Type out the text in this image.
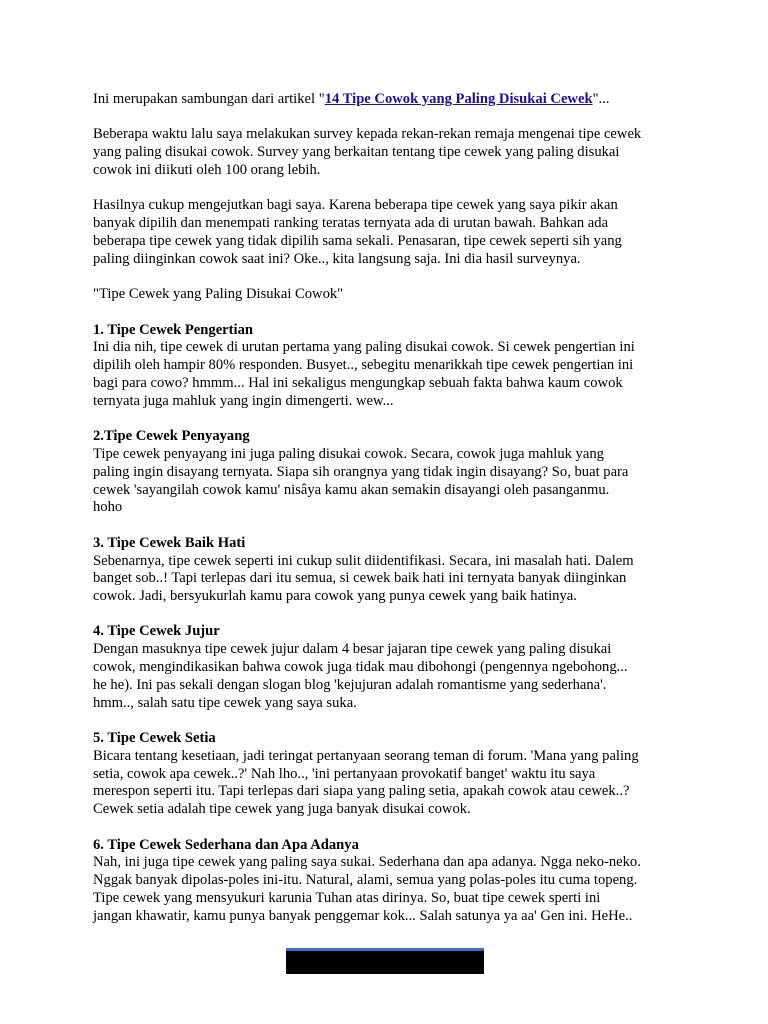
Ini merupakan sambungan dari artikel "14 Tipe Cowok yang Paling Disukai Cewek"...

Beberapa waktu lalu saya melakukan survey kepada rekan-rekan remaja mengenai tipe cewek
yang paling disukai cowok. Survey yang berkaitan tentang tipe cewek yang paling disukai
cowok ini diikuti oleh 100 orang lebih.

Hasilnya cukup mengejutkan bagi saya. Karena beberapa tipe cewek yang saya pikir akan
banyak dipilih dan menempati ranking teratas ternyata ada di urutan bawah. Bahkan ada
beberapa tipe cewek yang tidak dipilih sama sekali. Penasaran, tipe cewek seperti sih yang
paling diinginkan cowok saat ini? Oke.., kita langsung saja. Ini dia hasil surveynya.

"Tipe Cewek yang Paling Disukai Cowok"

1. Tipe Cewek Pengertian
Ini dia nih, tipe cewek di urutan pertama yang paling disukai cowok. Si cewek pengertian ini
dipilih oleh hampir 80% responden. Busyet.., sebegitu menarikkah tipe cewek pengertian ini
bagi para cowo? hmmm... Hal ini sekaligus mengungkap sebuah fakta bahwa kaum cowok
ternyata juga mahluk yang ingin dimengerti. wew...

2.Tipe Cewek Penyayang
Tipe cewek penyayang ini juga paling disukai cowok. Secara, cowok juga mahluk yang
paling ingin disayang ternyata. Siapa sih orangnya yang tidak ingin disayang? So, buat para
cewek 'sayangilah cowok kamu' nisâya kamu akan semakin disayangi oleh pasanganmu.
hoho

3. Tipe Cewek Baik Hati
Sebenarnya, tipe cewek seperti ini cukup sulit diidentifikasi. Secara, ini masalah hati. Dalem
banget sob..! Tapi terlepas dari itu semua, si cewek baik hati ini ternyata banyak diinginkan
cowok. Jadi, bersyukurlah kamu para cowok yang punya cewek yang baik hatinya.

4. Tipe Cewek Jujur
Dengan masuknya tipe cewek jujur dalam 4 besar jajaran tipe cewek yang paling disukai
cowok, mengindikasikan bahwa cowok juga tidak mau dibohongi (pengennya ngebohong...
he he). Ini pas sekali dengan slogan blog 'kejujuran adalah romantisme yang sederhana'.
hmm.., salah satu tipe cewek yang saya suka.

5. Tipe Cewek Setia
Bicara tentang kesetiaan, jadi teringat pertanyaan seorang teman di forum. 'Mana yang paling
setia, cowok apa cewek..?' Nah lho.., 'ini pertanyaan provokatif banget' waktu itu saya
merespon seperti itu. Tapi terlepas dari siapa yang paling setia, apakah cowok atau cewek..?
Cewek setia adalah tipe cewek yang juga banyak disukai cowok.

6. Tipe Cewek Sederhana dan Apa Adanya
Nah, ini juga tipe cewek yang paling saya sukai. Sederhana dan apa adanya. Ngga neko-neko.
Nggak banyak dipolas-poles ini-itu. Natural, alami, semua yang polas-poles itu cuma topeng.
Tipe cewek yang mensyukuri karunia Tuhan atas dirinya. So, buat tipe cewek sperti ini
jangan khawatir, kamu punya banyak penggemar kok... Salah satunya ya aa' Gen ini. HeHe..
